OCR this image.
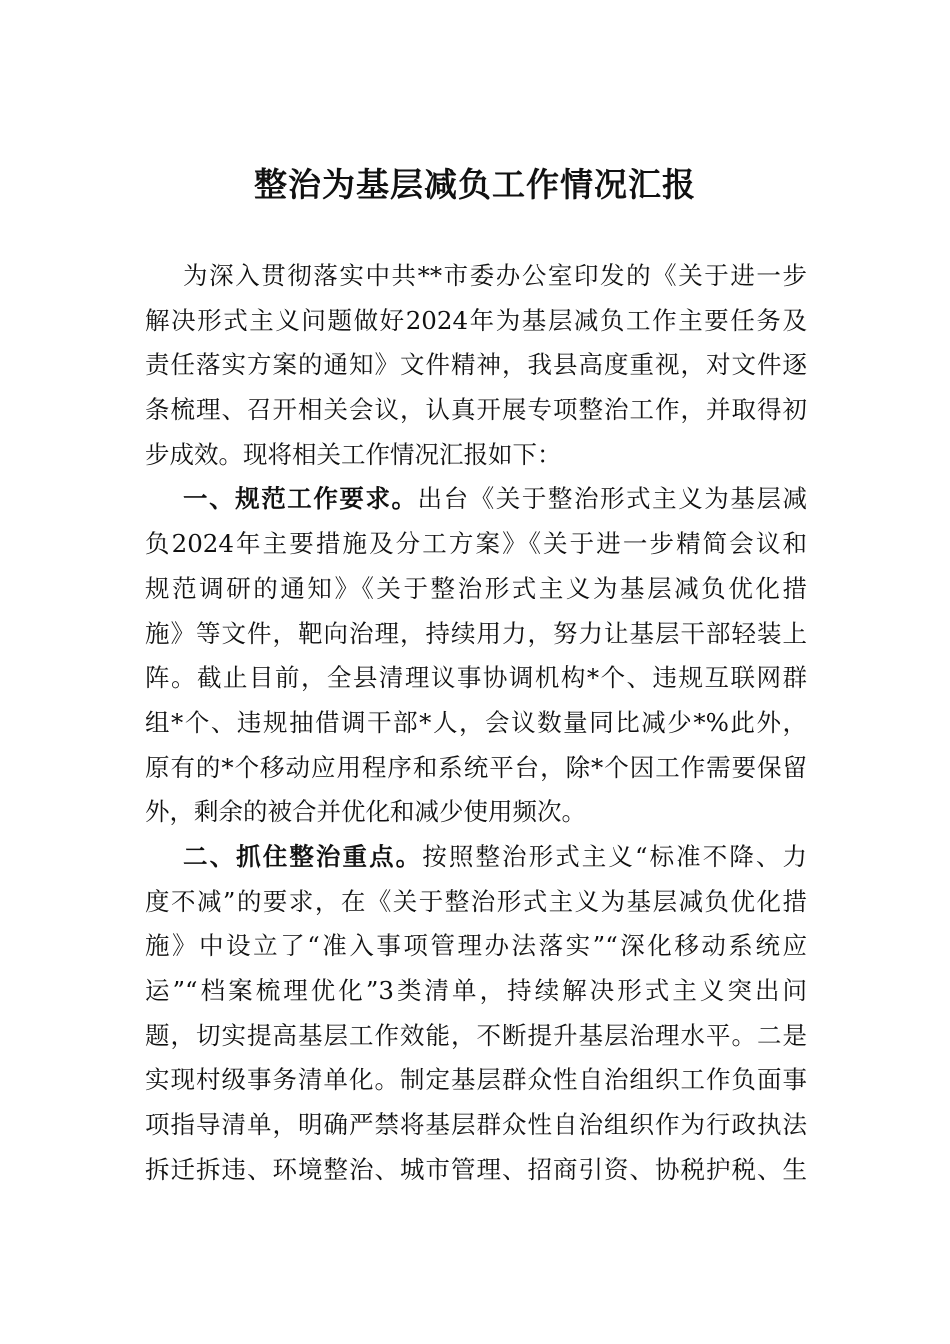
整治为基层减负工作情况汇报
为深入贯彻落实中共**市委办公室印发的《关于进一步
解决形式主义问题做好2024年为基层减负工作主要任务及
责任落实方案的通知》文件精神，我县高度重视，对文件逐
条梳理、召开相关会议，认真开展专项整治工作，并取得初
步成效。现将相关工作情况汇报如下：
一、规范工作要求。出台《关于整治形式主义为基层减
负2024年主要措施及分工方案》《关于进一步精简会议和
规范调研的通知》《关于整治形式主义为基层减负优化措
施》等文件，靶向治理，持续用力，努力让基层干部轻装上
阵。截止目前，全县清理议事协调机构*个、违规互联网群
组*个、违规抽借调干部*人，会议数量同比减少*%此外，
原有的*个移动应用程序和系统平台，除*个因工作需要保留
外，剩余的被合并优化和减少使用频次。
二、抓住整治重点。按照整治形式主义“标准不降、力
度不减”的要求，在《关于整治形式主义为基层减负优化措
施》中设立了“准入事项管理办法落实”“深化移动系统应
运”“档案梳理优化”3类清单，持续解决形式主义突出问
题，切实提高基层工作效能，不断提升基层治理水平。二是
实现村级事务清单化。制定基层群众性自治组织工作负面事
项指导清单，明确严禁将基层群众性自治组织作为行政执法
拆迁拆违、环境整治、城市管理、招商引资、协税护税、生
